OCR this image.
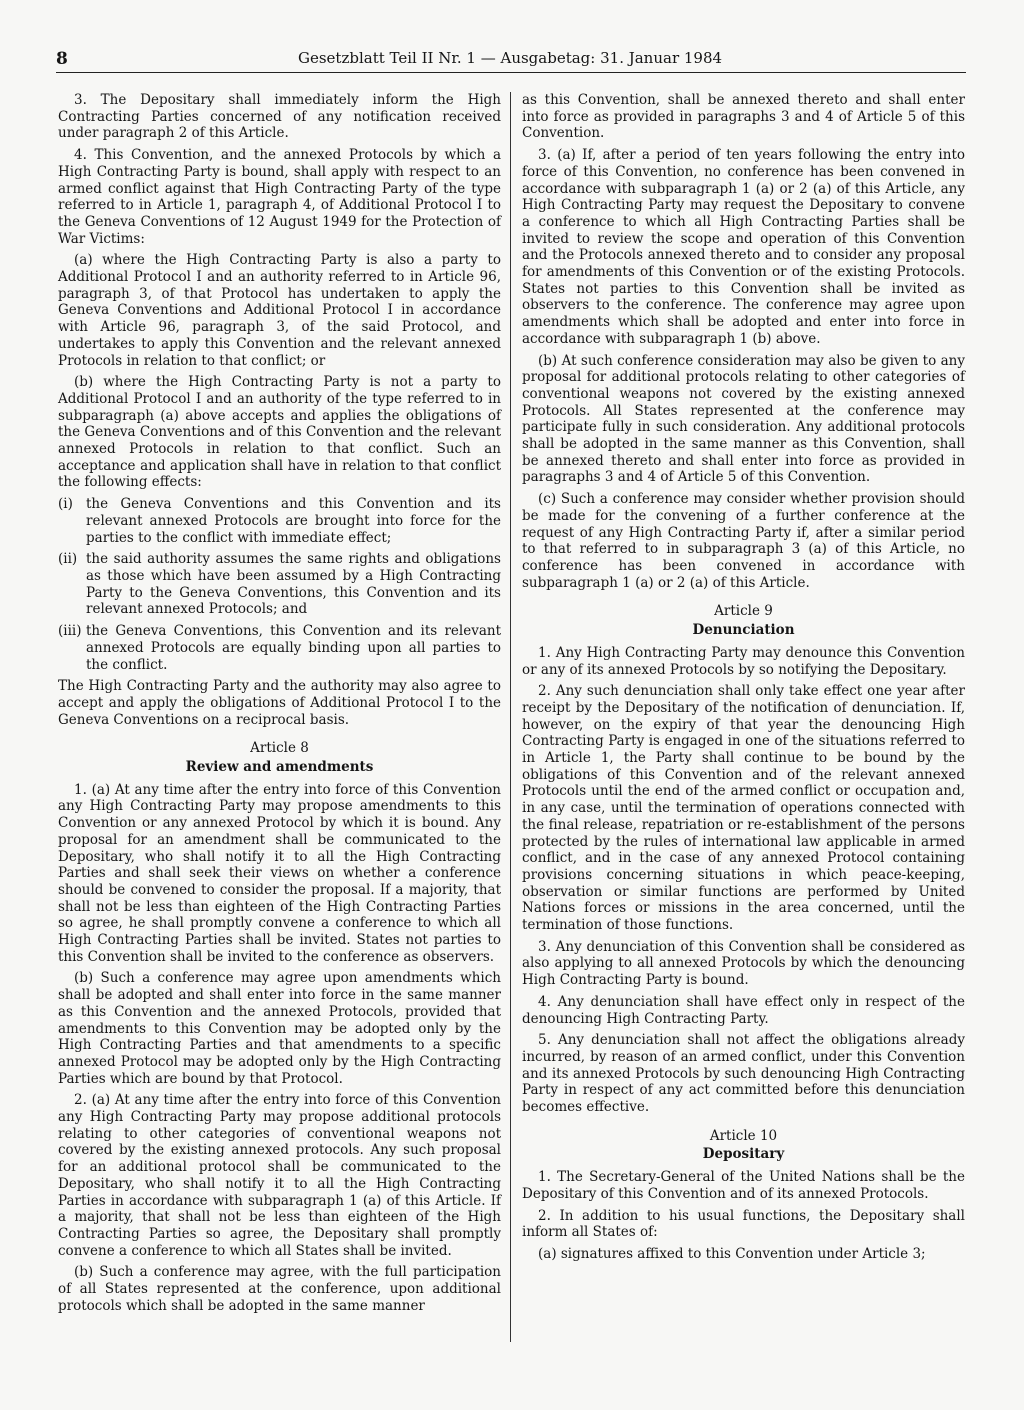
8	Gesetzblatt Teil II Nr. 1 — Ausgabetag: 31. Januar 1984

3. The Depositary shall immediately inform the High Contracting Parties concerned of any notification received under paragraph 2 of this Article.

4. This Convention, and the annexed Protocols by which a High Contracting Party is bound, shall apply with respect to an armed conflict against that High Contracting Party of the type referred to in Article 1, paragraph 4, of Additional Protocol I to the Geneva Conventions of 12 August 1949 for the Protection of War Victims:

(a) where the High Contracting Party is also a party to Additional Protocol I and an authority referred to in Article 96, paragraph 3, of that Protocol has undertaken to apply the Geneva Conventions and Additional Protocol I in accordance with Article 96, paragraph 3, of the said Protocol, and undertakes to apply this Convention and the relevant annexed Protocols in relation to that conflict; or

(b) where the High Contracting Party is not a party to Additional Protocol I and an authority of the type referred to in subparagraph (a) above accepts and applies the obligations of the Geneva Conventions and of this Convention and the relevant annexed Protocols in relation to that conflict. Such an acceptance and application shall have in relation to that conflict the following effects:

(i) the Geneva Conventions and this Convention and its relevant annexed Protocols are brought into force for the parties to the conflict with immediate effect;
(ii) the said authority assumes the same rights and obligations as those which have been assumed by a High Contracting Party to the Geneva Conventions, this Convention and its relevant annexed Protocols; and
(iii) the Geneva Conventions, this Convention and its relevant annexed Protocols are equally binding upon all parties to the conflict.

The High Contracting Party and the authority may also agree to accept and apply the obligations of Additional Protocol I to the Geneva Conventions on a reciprocal basis.

Article 8
Review and amendments

1. (a) At any time after the entry into force of this Convention any High Contracting Party may propose amendments to this Convention or any annexed Protocol by which it is bound. Any proposal for an amendment shall be communicated to the Depositary, who shall notify it to all the High Contracting Parties and shall seek their views on whether a conference should be convened to consider the proposal. If a majority, that shall not be less than eighteen of the High Contracting Parties so agree, he shall promptly convene a conference to which all High Contracting Parties shall be invited. States not parties to this Convention shall be invited to the conference as observers.

(b) Such a conference may agree upon amendments which shall be adopted and shall enter into force in the same manner as this Convention and the annexed Protocols, provided that amendments to this Convention may be adopted only by the High Contracting Parties and that amendments to a specific annexed Protocol may be adopted only by the High Contracting Parties which are bound by that Protocol.

2. (a) At any time after the entry into force of this Convention any High Contracting Party may propose additional protocols relating to other categories of conventional weapons not covered by the existing annexed protocols. Any such proposal for an additional protocol shall be communicated to the Depositary, who shall notify it to all the High Contracting Parties in accordance with subparagraph 1 (a) of this Article. If a majority, that shall not be less than eighteen of the High Contracting Parties so agree, the Depositary shall promptly convene a conference to which all States shall be invited.

(b) Such a conference may agree, with the full participation of all States represented at the conference, upon additional protocols which shall be adopted in the same manner

as this Convention, shall be annexed thereto and shall enter into force as provided in paragraphs 3 and 4 of Article 5 of this Convention.

3. (a) If, after a period of ten years following the entry into force of this Convention, no conference has been convened in accordance with subparagraph 1 (a) or 2 (a) of this Article, any High Contracting Party may request the Depositary to convene a conference to which all High Contracting Parties shall be invited to review the scope and operation of this Convention and the Protocols annexed thereto and to consider any proposal for amendments of this Convention or of the existing Protocols. States not parties to this Convention shall be invited as observers to the conference. The conference may agree upon amendments which shall be adopted and enter into force in accordance with subparagraph 1 (b) above.

(b) At such conference consideration may also be given to any proposal for additional protocols relating to other categories of conventional weapons not covered by the existing annexed Protocols. All States represented at the conference may participate fully in such consideration. Any additional protocols shall be adopted in the same manner as this Convention, shall be annexed thereto and shall enter into force as provided in paragraphs 3 and 4 of Article 5 of this Convention.

(c) Such a conference may consider whether provision should be made for the convening of a further conference at the request of any High Contracting Party if, after a similar period to that referred to in subparagraph 3 (a) of this Article, no conference has been convened in accordance with subparagraph 1 (a) or 2 (a) of this Article.

Article 9
Denunciation

1. Any High Contracting Party may denounce this Convention or any of its annexed Protocols by so notifying the Depositary.

2. Any such denunciation shall only take effect one year after receipt by the Depositary of the notification of denunciation. If, however, on the expiry of that year the denouncing High Contracting Party is engaged in one of the situations referred to in Article 1, the Party shall continue to be bound by the obligations of this Convention and of the relevant annexed Protocols until the end of the armed conflict or occupation and, in any case, until the termination of operations connected with the final release, repatriation or re-establishment of the persons protected by the rules of international law applicable in armed conflict, and in the case of any annexed Protocol containing provisions concerning situations in which peace-keeping, observation or similar functions are performed by United Nations forces or missions in the area concerned, until the termination of those functions.

3. Any denunciation of this Convention shall be considered as also applying to all annexed Protocols by which the denouncing High Contracting Party is bound.

4. Any denunciation shall have effect only in respect of the denouncing High Contracting Party.

5. Any denunciation shall not affect the obligations already incurred, by reason of an armed conflict, under this Convention and its annexed Protocols by such denouncing High Contracting Party in respect of any act committed before this denunciation becomes effective.

Article 10
Depositary

1. The Secretary-General of the United Nations shall be the Depositary of this Convention and of its annexed Protocols.

2. In addition to his usual functions, the Depositary shall inform all States of:

(a) signatures affixed to this Convention under Article 3;
